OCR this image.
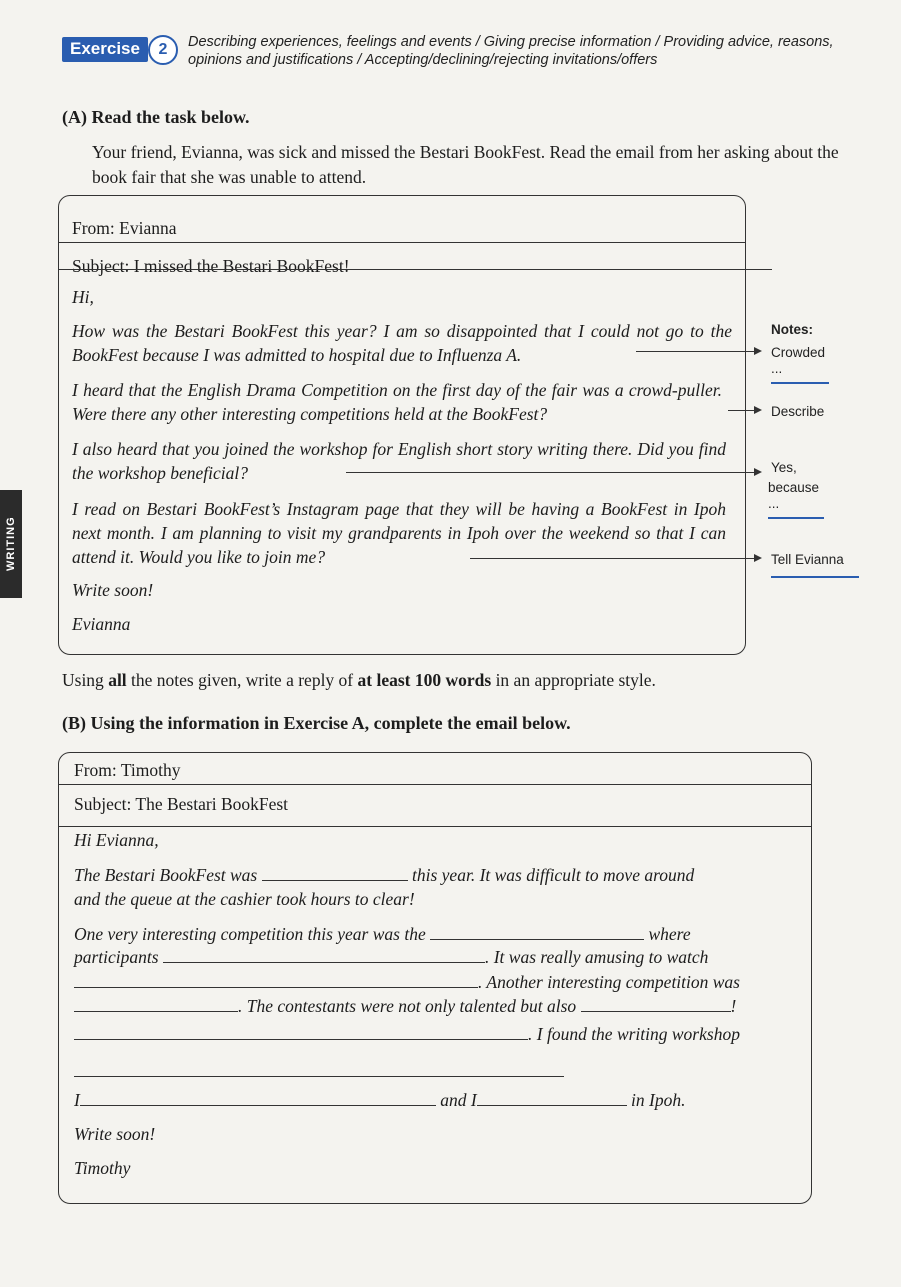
Exercise	2	Describing experiences, feelings and events / Giving precise information / Providing advice, reasons, opinions and justifications / Accepting/declining/rejecting invitations/offers
WRITING
(A) Read the task below.
Your friend, Evianna, was sick and missed the Bestari BookFest. Read the email from her asking about the book fair that she was unable to attend.
From: Evianna
Subject: I missed the Bestari BookFest!
Hi,
How was the Bestari BookFest this year? I am so disappointed that I could not go to the BookFest because I was admitted to hospital due to Influenza A.
I heard that the English Drama Competition on the first day of the fair was a crowd-puller. Were there any other interesting competitions held at the BookFest?
I also heard that you joined the workshop for English short story writing there. Did you find the workshop beneficial?
I read on Bestari BookFest’s Instagram page that they will be having a BookFest in Ipoh next month. I am planning to visit my grandparents in Ipoh over the weekend so that I can attend it. Would you like to join me?
Write soon!
Evianna
Notes:
Crowded ...
Describe
Yes,
because ...
Tell Evianna
Using all the notes given, write a reply of at least 100 words in an appropriate style.
(B) Using the information in Exercise A, complete the email below.
From: Timothy
Subject: The Bestari BookFest
Hi Evianna,
The Bestari BookFest was	this year. It was difficult to move around
and the queue at the cashier took hours to clear!
One very interesting competition this year was the	where
participants	. It was really amusing to watch
. Another interesting competition was
. The contestants were not only talented but also	!
. I found the writing workshop
I	and I	in Ipoh.
Write soon!
Timothy
